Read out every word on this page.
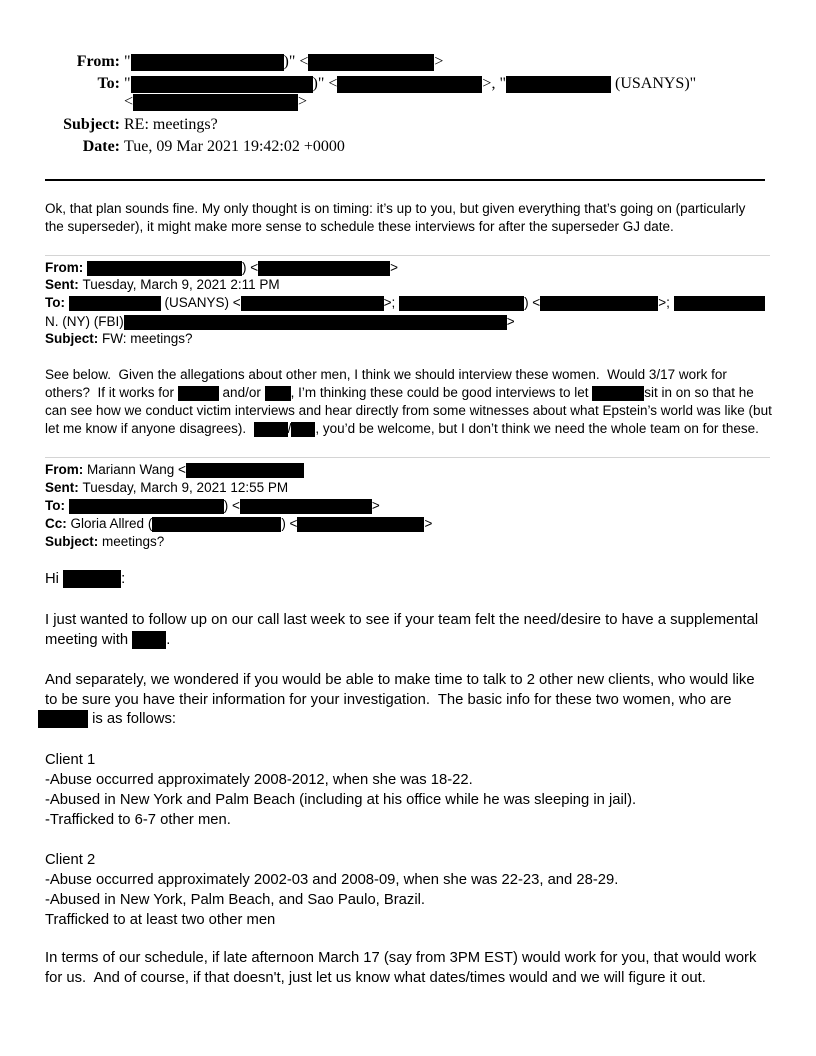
From: "	)" <	>
To: "	)" <	>, "	(USANYS)"
<	>
Subject: RE: meetings?
Date: Tue, 09 Mar 2021 19:42:02 +0000
Ok, that plan sounds fine. My only thought is on timing: it’s up to you, but given everything that’s going on (particularly
the superseder), it might make more sense to schedule these interviews for after the superseder GJ date.
From:	) <	>
Sent: Tuesday, March 9, 2021 2:11 PM
To:	(USANYS) <	>;	) <	>;
N. (NY) (FBI)	>
Subject: FW: meetings?
See below.  Given the allegations about other men, I think we should interview these women.  Would 3/17 work for
others?  If it works for	and/or , I’m thinking these could be good interviews to let	sit in on so that he
can see how we conduct victim interviews and hear directly from some witnesses about what Epstein’s world was like (but
let me know if anyone disagrees).	/ , you’d be welcome, but I don’t think we need the whole team on for these.
From: Mariann Wang <
Sent: Tuesday, March 9, 2021 12:55 PM
To:	) <	>
Cc: Gloria Allred (	) <	>
Subject: meetings?
Hi	:
I just wanted to follow up on our call last week to see if your team felt the need/desire to have a supplemental
meeting with .
And separately, we wondered if you would be able to make time to talk to 2 other new clients, who would like
to be sure you have their information for your investigation.  The basic info for these two women, who are
is as follows:
Client 1
-Abuse occurred approximately 2008-2012, when she was 18-22.
-Abused in New York and Palm Beach (including at his office while he was sleeping in jail).
-Trafficked to 6-7 other men.
Client 2
-Abuse occurred approximately 2002-03 and 2008-09, when she was 22-23, and 28-29.
-Abused in New York, Palm Beach, and Sao Paulo, Brazil.
Trafficked to at least two other men
In terms of our schedule, if late afternoon March 17 (say from 3PM EST) would work for you, that would work
for us.  And of course, if that doesn't, just let us know what dates/times would and we will figure it out.
